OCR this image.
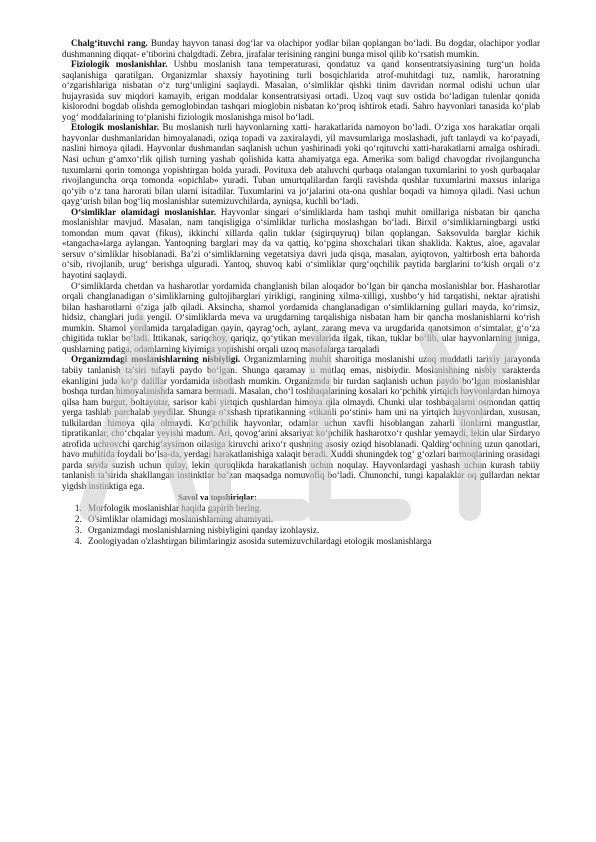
Chalg‘ituvchi rang. Bunday hayvon tanasi dog‘lar va olachipor yodlar bilan qoplangan bo‘ladi. Bu dogdar, olachipor yodlar dushmanning diqqat- e’tiborini chalgdtadi. Zebra, jirafalar terisining rangini bunga misol qilib ko‘rsatish mumkin.

Fiziologik moslanishlar. Ushbu moslanish tana temperaturasi, qondatuz va qand konsentratsiyasining turg‘un holda saqlanishiga qaratilgan. Organizmlar shaxsiy hayotining turli bosqichlarida atrof-muhitdagi tuz, namlik, haroratning o‘zgarishlariga nisbatan o‘z turg‘unligini saqlaydi. Masalan, o‘simliklar qishki tinim davridan normal odishi uchun ular hujayrasida suv miqdori kamayib, erigan moddalar konsentratsiyasi ortadi. Uzoq vaqt suv ostida bo‘ladigan tulenlar qonida kislorodni bogdab olishda gemoglobindan tashqari mioglobin nisbatan ko‘proq ishtirok etadi. Sahro hayvonlari tanasida ko‘plab yog‘ moddalarining to‘planishi fiziologik moslanishga misol bo‘ladi.

Etologik moslanishlar. Bu moslanish turli hayvonlarning xatti- harakatlarida namoyon bo‘ladi. O‘ziga xos harakatlar orqali hayvonlar dushmanlaridan himoyalanadi, oziqa topadi va zaxiralaydi, yil mavsumlariga moslashadi, juft tanlaydi va ko‘payadi, naslini himoya qiladi. Hayvonlar dushmandan saqlanish uchun yashirinadi yoki qo‘rqituvchi xatti-harakatlarni amalga oshiradi. Nasi uchun g‘amxo‘rlik qilish turning yashab qolishida katta ahamiyatga ega. Amerika som baligd chavogdar rivojlanguncha tuxumlarni qorin tomonga yopishtirgan holda yuradi. Povituxa deb ataluvchi qurbaqa otalangan tuxumlarini to yosh qurbaqalar rivojlanguncha orqa tomonda «opichlab» yuradi. Tuban umurtqalilardan farqli ravishda qushlar tuxumlarini maxsus inlariga qo‘yib o‘z tana harorati bilan ularni isitadilar. Tuxumlarini va jo‘jalarini ota-ona qushlar boqadi va himoya qiladi. Nasi uchun qayg‘urish bilan bog‘liq moslanishlar sutemizuvchilarda, ayniqsa, kuchli bo‘ladi.

O‘simliklar olamidagi moslanishlar. Hayvonlar singari o‘simliklarda ham tashqi muhit omillariga nisbatan bir qancha moslanishlar mavjud. Masalan, nam tanqisligiga o‘simliklar turlicha moslashgan bo‘ladi. Birxil o‘simliklarningbargi ustki tomondan mum qavat (fikus), ikkinchi xillarda qalin tuklar (sigirquyruq) bilan qoplangan. Saksovulda barglar kichik «tangacha»larga aylangan. Yantoqning barglari may da va qattiq, ko‘pgina shoxchalari tikan shaklida. Kaktus, aloe, agavalar sersuv o‘simliklar hisoblanadi. Ba’zi o‘simliklarning vegetatsiya davri juda qisqa, masalan, ayiqtovon, yaltirbosh erta bahorda o‘sib, rivojlanib, urug‘ berishga ulguradi. Yantoq, shuvoq kabi o‘simliklar qurg‘oqchilik paytida barglarini to‘kish orqali o‘z hayotini saqlaydi.

O‘simliklarda chetdan va hasharotlar yordamida changlanish bilan aloqador bo‘lgan bir qancha moslanishlar bor. Hasharotlar orqali changlanadigan o‘simliklarning gultojibarglari yirikligi, rangining xilma-xilligi, xushbo‘y hid tarqatishi, nektar ajratishi bilan hasharotlarni o‘ziga jalb qiladi. Aksincha, shamol yordamida changlanadigan o‘simliklarning gullari mayda, ko‘rimsiz, hidsiz, changlari juda yengil. O‘simliklarda meva va urugdarning tarqalishiga nisbatan ham bir qancha moslanishlarni ko‘rish mumkin. Shamol yordamida tarqaladigan qayin, qayrag‘och, aylant, zarang meva va urugdarida qanotsimon o‘simtalar, g‘o‘za chigitida tuklar bo‘ladi. Ittikanak, sariqchoy, qariqiz, qo‘ytikan mevalarida ilgak, tikan, tuklar bo‘lib, ular hayvonlarning juniga, qushlarning patiga, odamlarning kiyimiga yopishishi orqali uzoq masofalarga tarqaladi

Organizmdagi moslanishlarning nisbiyligi. Organizmlarning muhit sharoitiga moslanishi uzoq muddatli tarixiy jarayonda tabiiy tanlanish ta’siri tufayli paydo bo‘lgan. Shunga qaramay u mutlaq emas, nisbiydir. Moslanishning nisbiy xarakterda ekanligini juda ko‘p dalillar yordamida isbotlash mumkin. Organizmda bir turdan saqlanish uchun paydo bo‘lgan moslanishlar boshqa turdan himoyalanishda samara bermadi. Masalan, cho‘l toshbaqalarining kosalari ko‘pchibk yirtqich hayvonlardan himoya qilsa ham burgut, boltayutar, sarisor kabi yirtqich qushlardan himoya qila olmaydi. Chunki ular toshbaqalarni osmondan qattiq yerga tashlab parchalab yeydilar. Shunga o‘xshash tipratikanning «tikanli po‘stini» ham uni na yirtqich hayvonlardan, xususan, tulkilardan himoya qila olmaydi. Ko‘pchilik hayvonlar, odamlar uchun xavfli hisoblangan zaharli ilonlarni mangustlar, tipratikanlar, cho‘chqalar yeyishi madum. Ari, qovog‘arini aksariyat ko‘pchilik hasharotxo‘r qushlar yemaydi, lekin ular Sirdaryo atrofida uchrovchi qarchig‘aysimon oilasiga kiruvchi arixo‘r qushning asosiy oziqd hisoblanadi. Qaldirg‘ochning uzun qanotlari, havo muhitida foydali bo‘lsa-da, yerdagi harakatlanishiga xalaqit beradi. Xuddi shuningdek tog‘ g‘ozlari barmoqlarining orasidagi parda suvda suzish uchun qulay, lekin quruqlikda harakatlanish uchun noqulay. Hayvonlardagi yashash uchun kurash tabiiy tanlanish ta’sirida shakllangan instinktlar ba’zan maqsadga nomuvofiq bo‘ladi. Chunonchi, tungi kapalaklar oq gullardan nektar yigdsh instinktiga ega.

Savol va topshiriqlar:
1. Morfologik moslanishlar haqida gapirib bering.
2. O'simliklar olamidagi moslanishlarning ahamiyati.
3. Organizmdagi moslanishlarning nisbiyligini qanday izohlaysiz.
4. Zoologiyadan o'zlashtirgan bilimlaringiz asosida sutemizuvchilardagi etologik moslanishlarga
